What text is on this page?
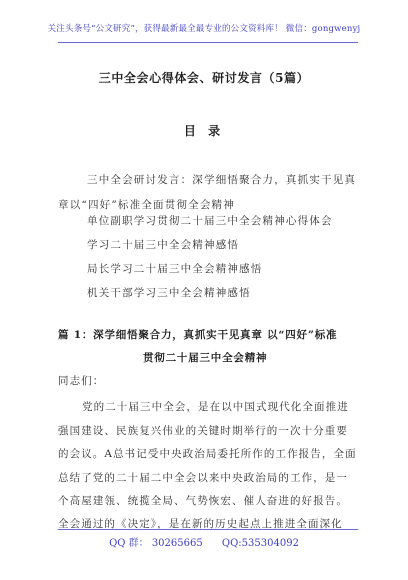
关注头条号“公文研究”，获得最新最全最专业的公文资料库！ 微信：gongwenyj
三中全会心得体会、研讨发言（5篇）
目 录
三中全会研讨发言：深学细悟聚合力，真抓实干见真
章以“四好”标准全面贯彻全会精神
单位副职学习贯彻二十届三中全会精神心得体会
学习二十届三中全会精神感悟
局长学习二十届三中全会精神感悟
机关干部学习三中全会精神感悟
篇 1：深学细悟聚合力，真抓实干见真章 以“四好”标准
贯彻二十届三中全会精神
同志们：
党的二十届三中全会，是在以中国式现代化全面推进
强国建设、民族复兴伟业的关键时期举行的一次十分重要
的会议。A总书记受中央政治局委托所作的工作报告，全面
总结了党的二十届二中全会以来中央政治局的工作，是一
个高屋建瓴、统揽全局、气势恢宏、催人奋进的好报告。
全会通过的《决定》，是在新的历史起点上推进全面深化
QQ 群： 30265665 QQ:535304092
